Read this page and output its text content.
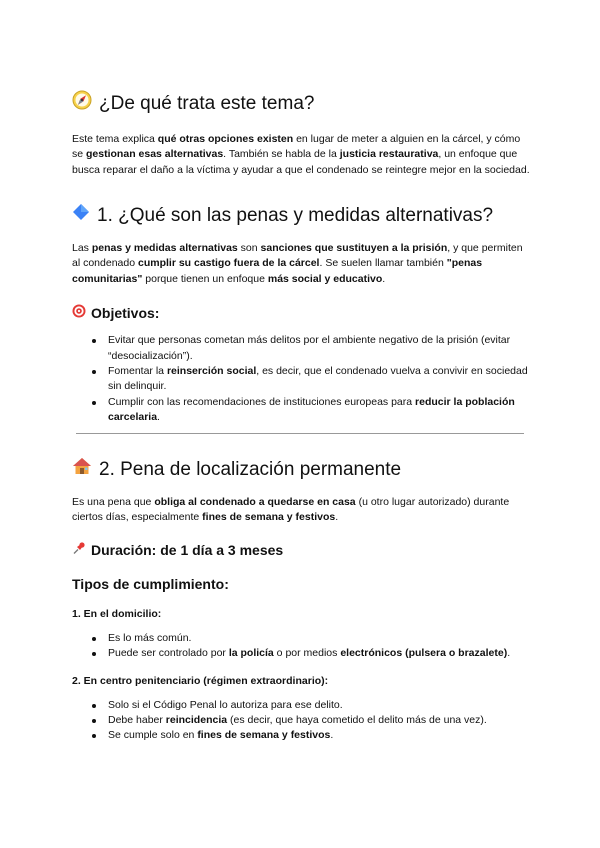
¿De qué trata este tema?

Este tema explica qué otras opciones existen en lugar de meter a alguien en la cárcel, y cómo se gestionan esas alternativas. También se habla de la justicia restaurativa, un enfoque que busca reparar el daño a la víctima y ayudar a que el condenado se reintegre mejor en la sociedad.

1. ¿Qué son las penas y medidas alternativas?

Las penas y medidas alternativas son sanciones que sustituyen a la prisión, y que permiten al condenado cumplir su castigo fuera de la cárcel. Se suelen llamar también "penas comunitarias" porque tienen un enfoque más social y educativo.

Objetivos:
Evitar que personas cometan más delitos por el ambiente negativo de la prisión (evitar “desocialización”).
Fomentar la reinserción social, es decir, que el condenado vuelva a convivir en sociedad sin delinquir.
Cumplir con las recomendaciones de instituciones europeas para reducir la población carcelaria.
2. Pena de localización permanente

Es una pena que obliga al condenado a quedarse en casa (u otro lugar autorizado) durante ciertos días, especialmente fines de semana y festivos.

Duración: de 1 día a 3 meses
Tipos de cumplimiento:
1. En el domicilio:
Es lo más común.
Puede ser controlado por la policía o por medios electrónicos (pulsera o brazalete).
2. En centro penitenciario (régimen extraordinario):
Solo si el Código Penal lo autoriza para ese delito.
Debe haber reincidencia (es decir, que haya cometido el delito más de una vez).
Se cumple solo en fines de semana y festivos.
